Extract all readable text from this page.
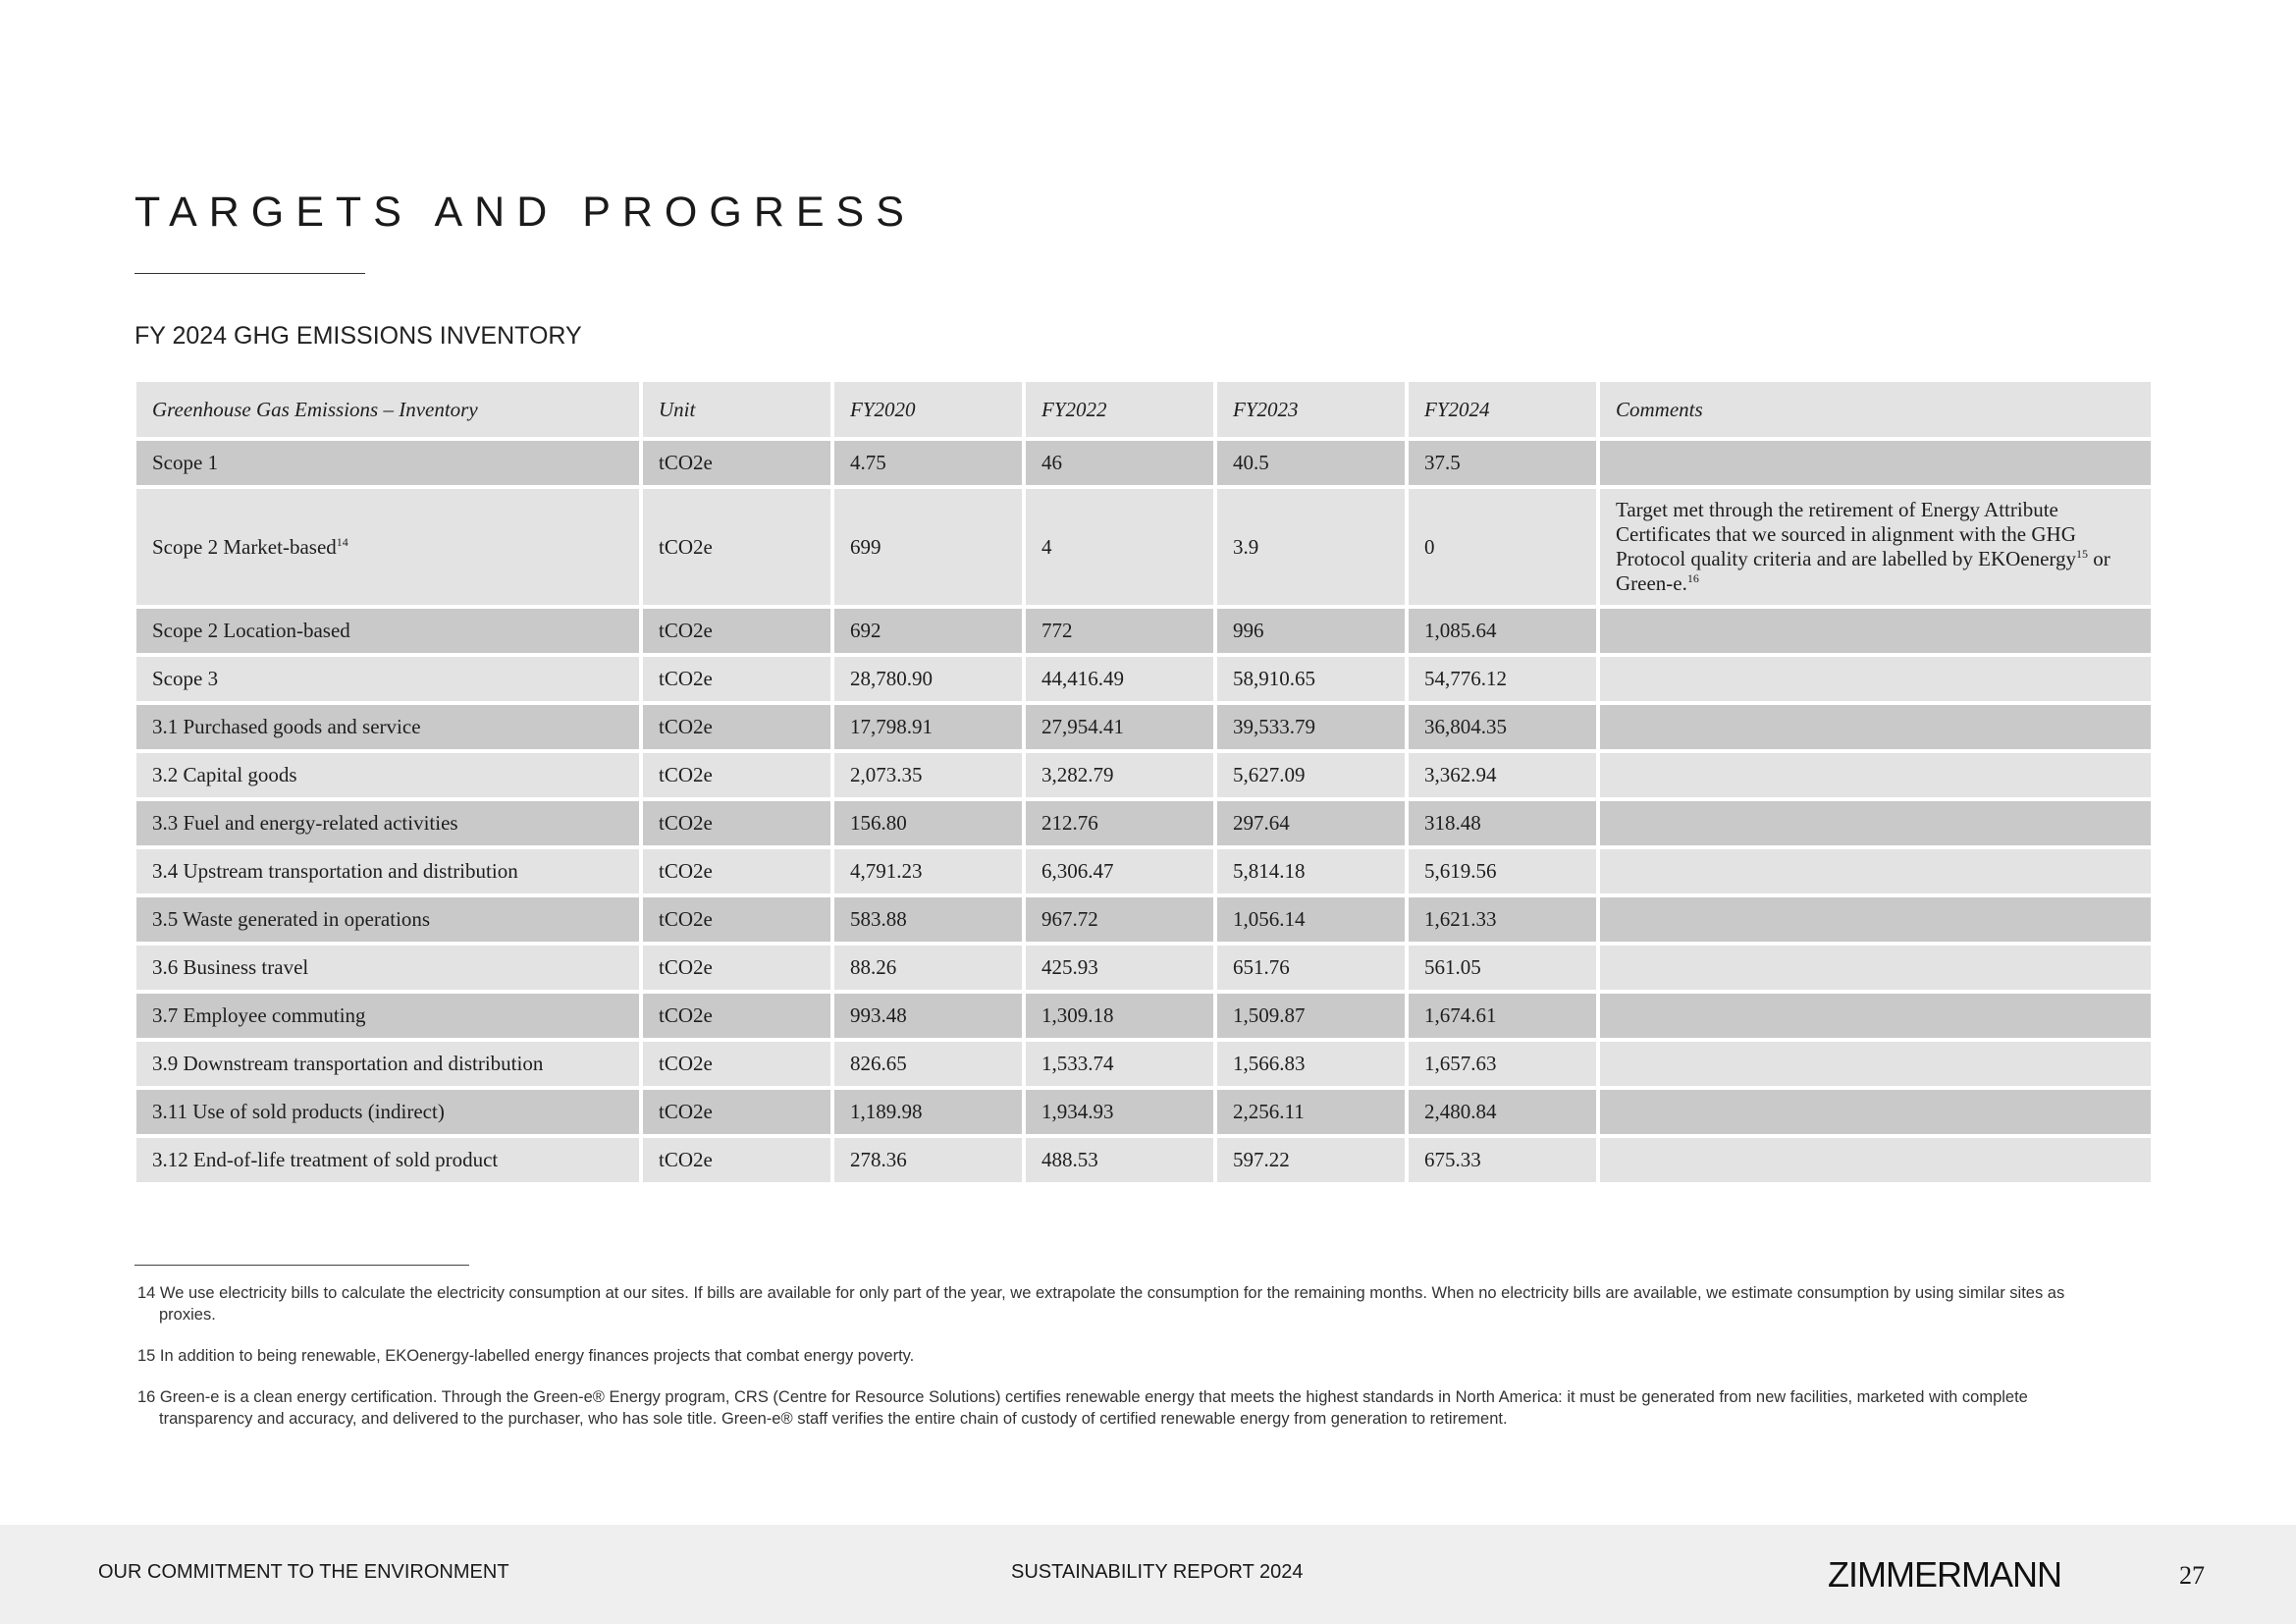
TARGETS AND PROGRESS
FY 2024 GHG EMISSIONS INVENTORY
Greenhouse Gas Emissions – Inventory	Unit	FY2020	FY2022	FY2023	FY2024	Comments
Scope 1	tCO2e	4.75	46	40.5	37.5	
Scope 2 Market-based$^{14}$	tCO2e	699	4	3.9	0	Target met through the retirement of Energy Attribute Certificates that we sourced in alignment with the GHG Protocol quality criteria and are labelled by EKOenergy$^{15}$ or Green-e.$^{16}$
Scope 2 Location-based	tCO2e	692	772	996	1,085.64	
Scope 3	tCO2e	28,780.90	44,416.49	58,910.65	54,776.12	
3.1 Purchased goods and service	tCO2e	17,798.91	27,954.41	39,533.79	36,804.35	
3.2 Capital goods	tCO2e	2,073.35	3,282.79	5,627.09	3,362.94	
3.3 Fuel and energy-related activities	tCO2e	156.80	212.76	297.64	318.48	
3.4 Upstream transportation and distribution	tCO2e	4,791.23	6,306.47	5,814.18	5,619.56	
3.5 Waste generated in operations	tCO2e	583.88	967.72	1,056.14	1,621.33	
3.6 Business travel	tCO2e	88.26	425.93	651.76	561.05	
3.7 Employee commuting	tCO2e	993.48	1,309.18	1,509.87	1,674.61	
3.9 Downstream transportation and distribution	tCO2e	826.65	1,533.74	1,566.83	1,657.63	
3.11 Use of sold products (indirect)	tCO2e	1,189.98	1,934.93	2,256.11	2,480.84	
3.12 End-of-life treatment of sold product	tCO2e	278.36	488.53	597.22	675.33	

14 We use electricity bills to calculate the electricity consumption at our sites. If bills are available for only part of the year, we extrapolate the consumption for the remaining months. When no electricity bills are available, we estimate consumption by using similar sites as proxies.

15 In addition to being renewable, EKOenergy-labelled energy finances projects that combat energy poverty.

16 Green-e is a clean energy certification. Through the Green-e® Energy program, CRS (Centre for Resource Solutions) certifies renewable energy that meets the highest standards in North America: it must be generated from new facilities, marketed with complete transparency and accuracy, and delivered to the purchaser, who has sole title. Green-e® staff verifies the entire chain of custody of certified renewable energy from generation to retirement.

OUR COMMITMENT TO THE ENVIRONMENT	SUSTAINABILITY REPORT 2024	ZIMMERMANN	27
